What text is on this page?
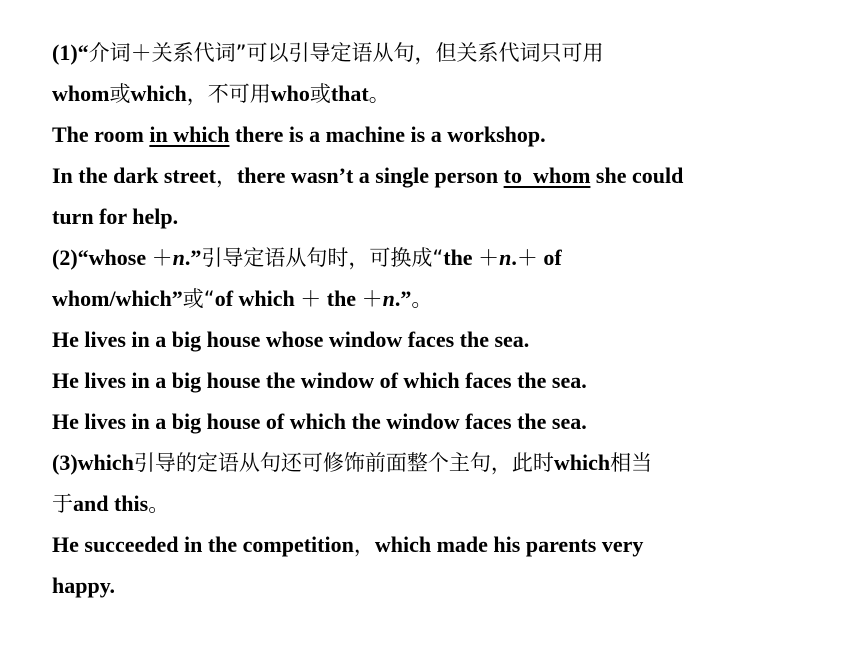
(1)“介词＋关系代词”可以引导定语从句，但关系代词只可用
whom或which，不可用who或that。
The room in which there is a machine is a workshop.
In the dark street，there wasn’t a single person to  whom she could
turn for help.
(2)“whose ＋n.”引导定语从句时，可换成“the ＋n.＋ of
whom/which”或“of which ＋ the ＋n.”。
He lives in a big house whose window faces the sea.
He lives in a big house the window of which faces the sea.
He lives in a big house of which the window faces the sea.
(3)which引导的定语从句还可修饰前面整个主句，此时which相当
于and this。
He succeeded in the competition，which made his parents very
happy.
